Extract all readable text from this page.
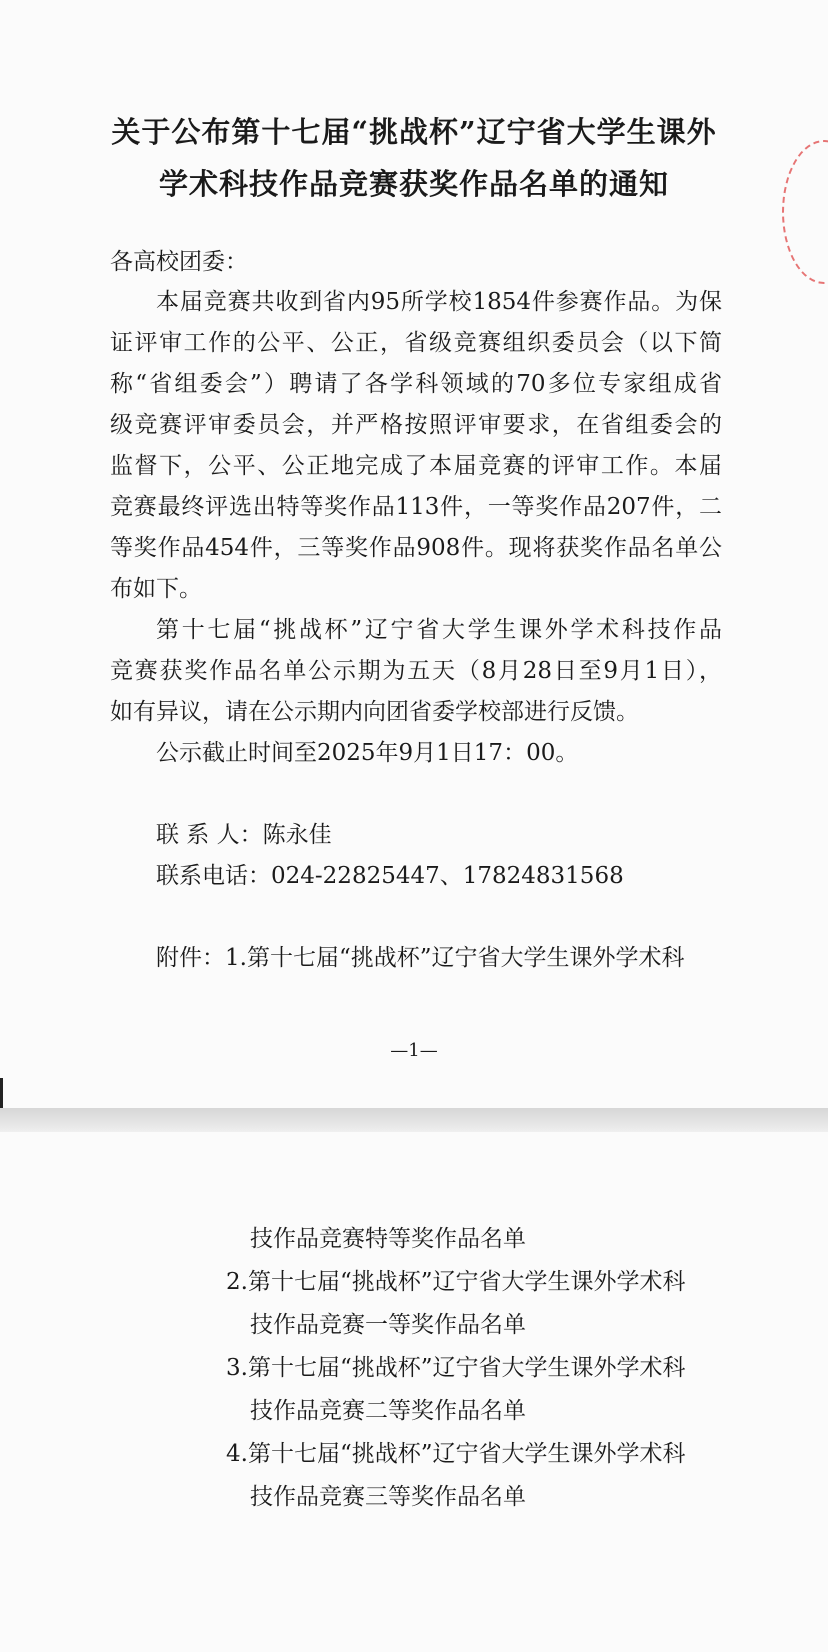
关于公布第十七届“挑战杯”辽宁省大学生课外
学术科技作品竞赛获奖作品名单的通知

各高校团委：

本届竞赛共收到省内95所学校1854件参赛作品。为保

证评审工作的公平、公正，省级竞赛组织委员会（以下简

称“省组委会”）聘请了各学科领域的70多位专家组成省

级竞赛评审委员会，并严格按照评审要求，在省组委会的

监督下，公平、公正地完成了本届竞赛的评审工作。本届

竞赛最终评选出特等奖作品113件，一等奖作品207件，二

等奖作品454件，三等奖作品908件。现将获奖作品名单公

布如下。

第十七届“挑战杯”辽宁省大学生课外学术科技作品

竞赛获奖作品名单公示期为五天（8月28日至9月1日），

如有异议，请在公示期内向团省委学校部进行反馈。

公示截止时间至2025年9月1日17：00。

联 系 人：陈永佳

联系电话：024-22825447、17824831568

附件：1.第十七届“挑战杯”辽宁省大学生课外学术科

—1—

技作品竞赛特等奖作品名单

2.第十七届“挑战杯”辽宁省大学生课外学术科

技作品竞赛一等奖作品名单

3.第十七届“挑战杯”辽宁省大学生课外学术科

技作品竞赛二等奖作品名单

4.第十七届“挑战杯”辽宁省大学生课外学术科

技作品竞赛三等奖作品名单
